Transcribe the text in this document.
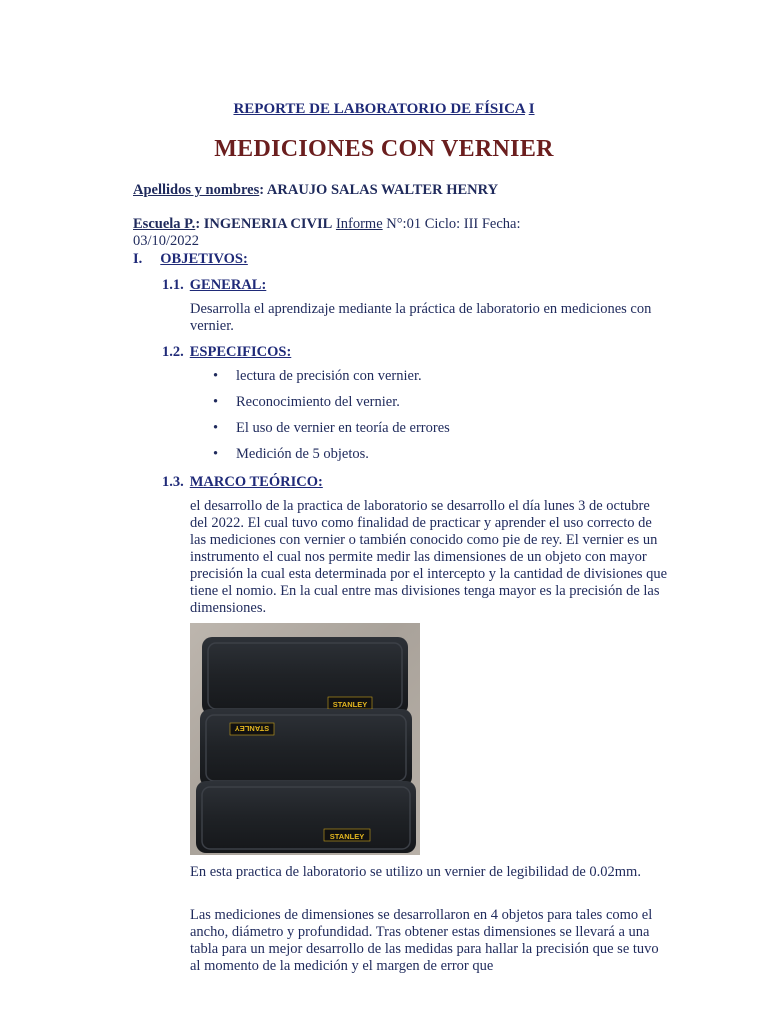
REPORTE DE LABORATORIO DE FÍSICA I
MEDICIONES CON VERNIER
Apellidos y nombres: ARAUJO SALAS WALTER HENRY
Escuela P.: INGENERIA CIVIL Informe N°:01 Ciclo: III Fecha:
03/10/2022
I. OBJETIVOS:
1.1. GENERAL:
Desarrolla el aprendizaje mediante la práctica de laboratorio en mediciones con vernier.
1.2. ESPECIFICOS:
• lectura de precisión con vernier.
• Reconocimiento del vernier.
• El uso de vernier en teoría de errores
• Medición de 5 objetos.
1.3. MARCO TEÓRICO:
el desarrollo de la practica de laboratorio se desarrollo el día lunes 3 de octubre del 2022. El cual tuvo como finalidad de practicar y aprender el uso correcto de las mediciones con vernier o también conocido como pie de rey. El vernier es un instrumento el cual nos permite medir las dimensiones de un objeto con mayor precisión la cual esta determinada por el intercepto y la cantidad de divisiones que tiene el nomio. En la cual entre mas divisiones tenga mayor es la precisión de las dimensiones.
STANLEY
STANLEY
STANLEY
En esta practica de laboratorio se utilizo un vernier de legibilidad de 0.02mm.
Las mediciones de dimensiones se desarrollaron en 4 objetos para tales como el ancho, diámetro y profundidad. Tras obtener estas dimensiones se llevará a una tabla para un mejor desarrollo de las medidas para hallar la precisión que se tuvo al momento de la medición y el margen de error que
